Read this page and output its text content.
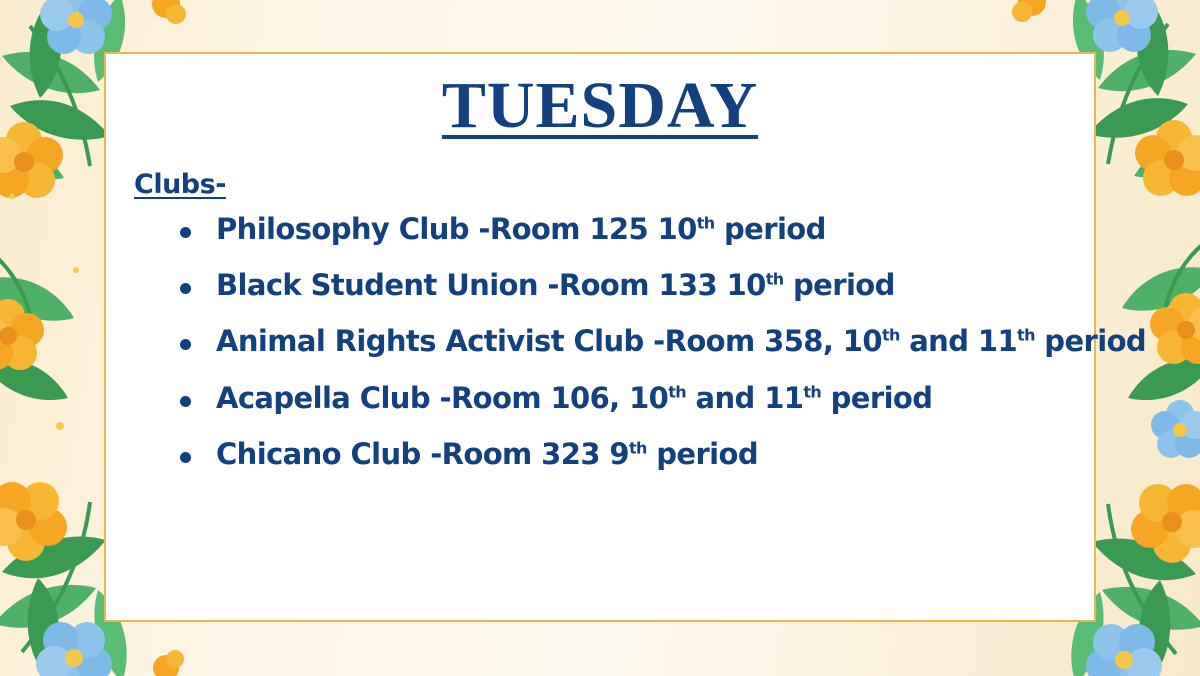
TUESDAY
Clubs-
Philosophy Club -Room 125 10th period
Black Student Union -Room 133 10th period
Animal Rights Activist Club -Room 358, 10th and 11th period
Acapella Club -Room 106, 10th and 11th period
Chicano Club -Room 323 9th period
